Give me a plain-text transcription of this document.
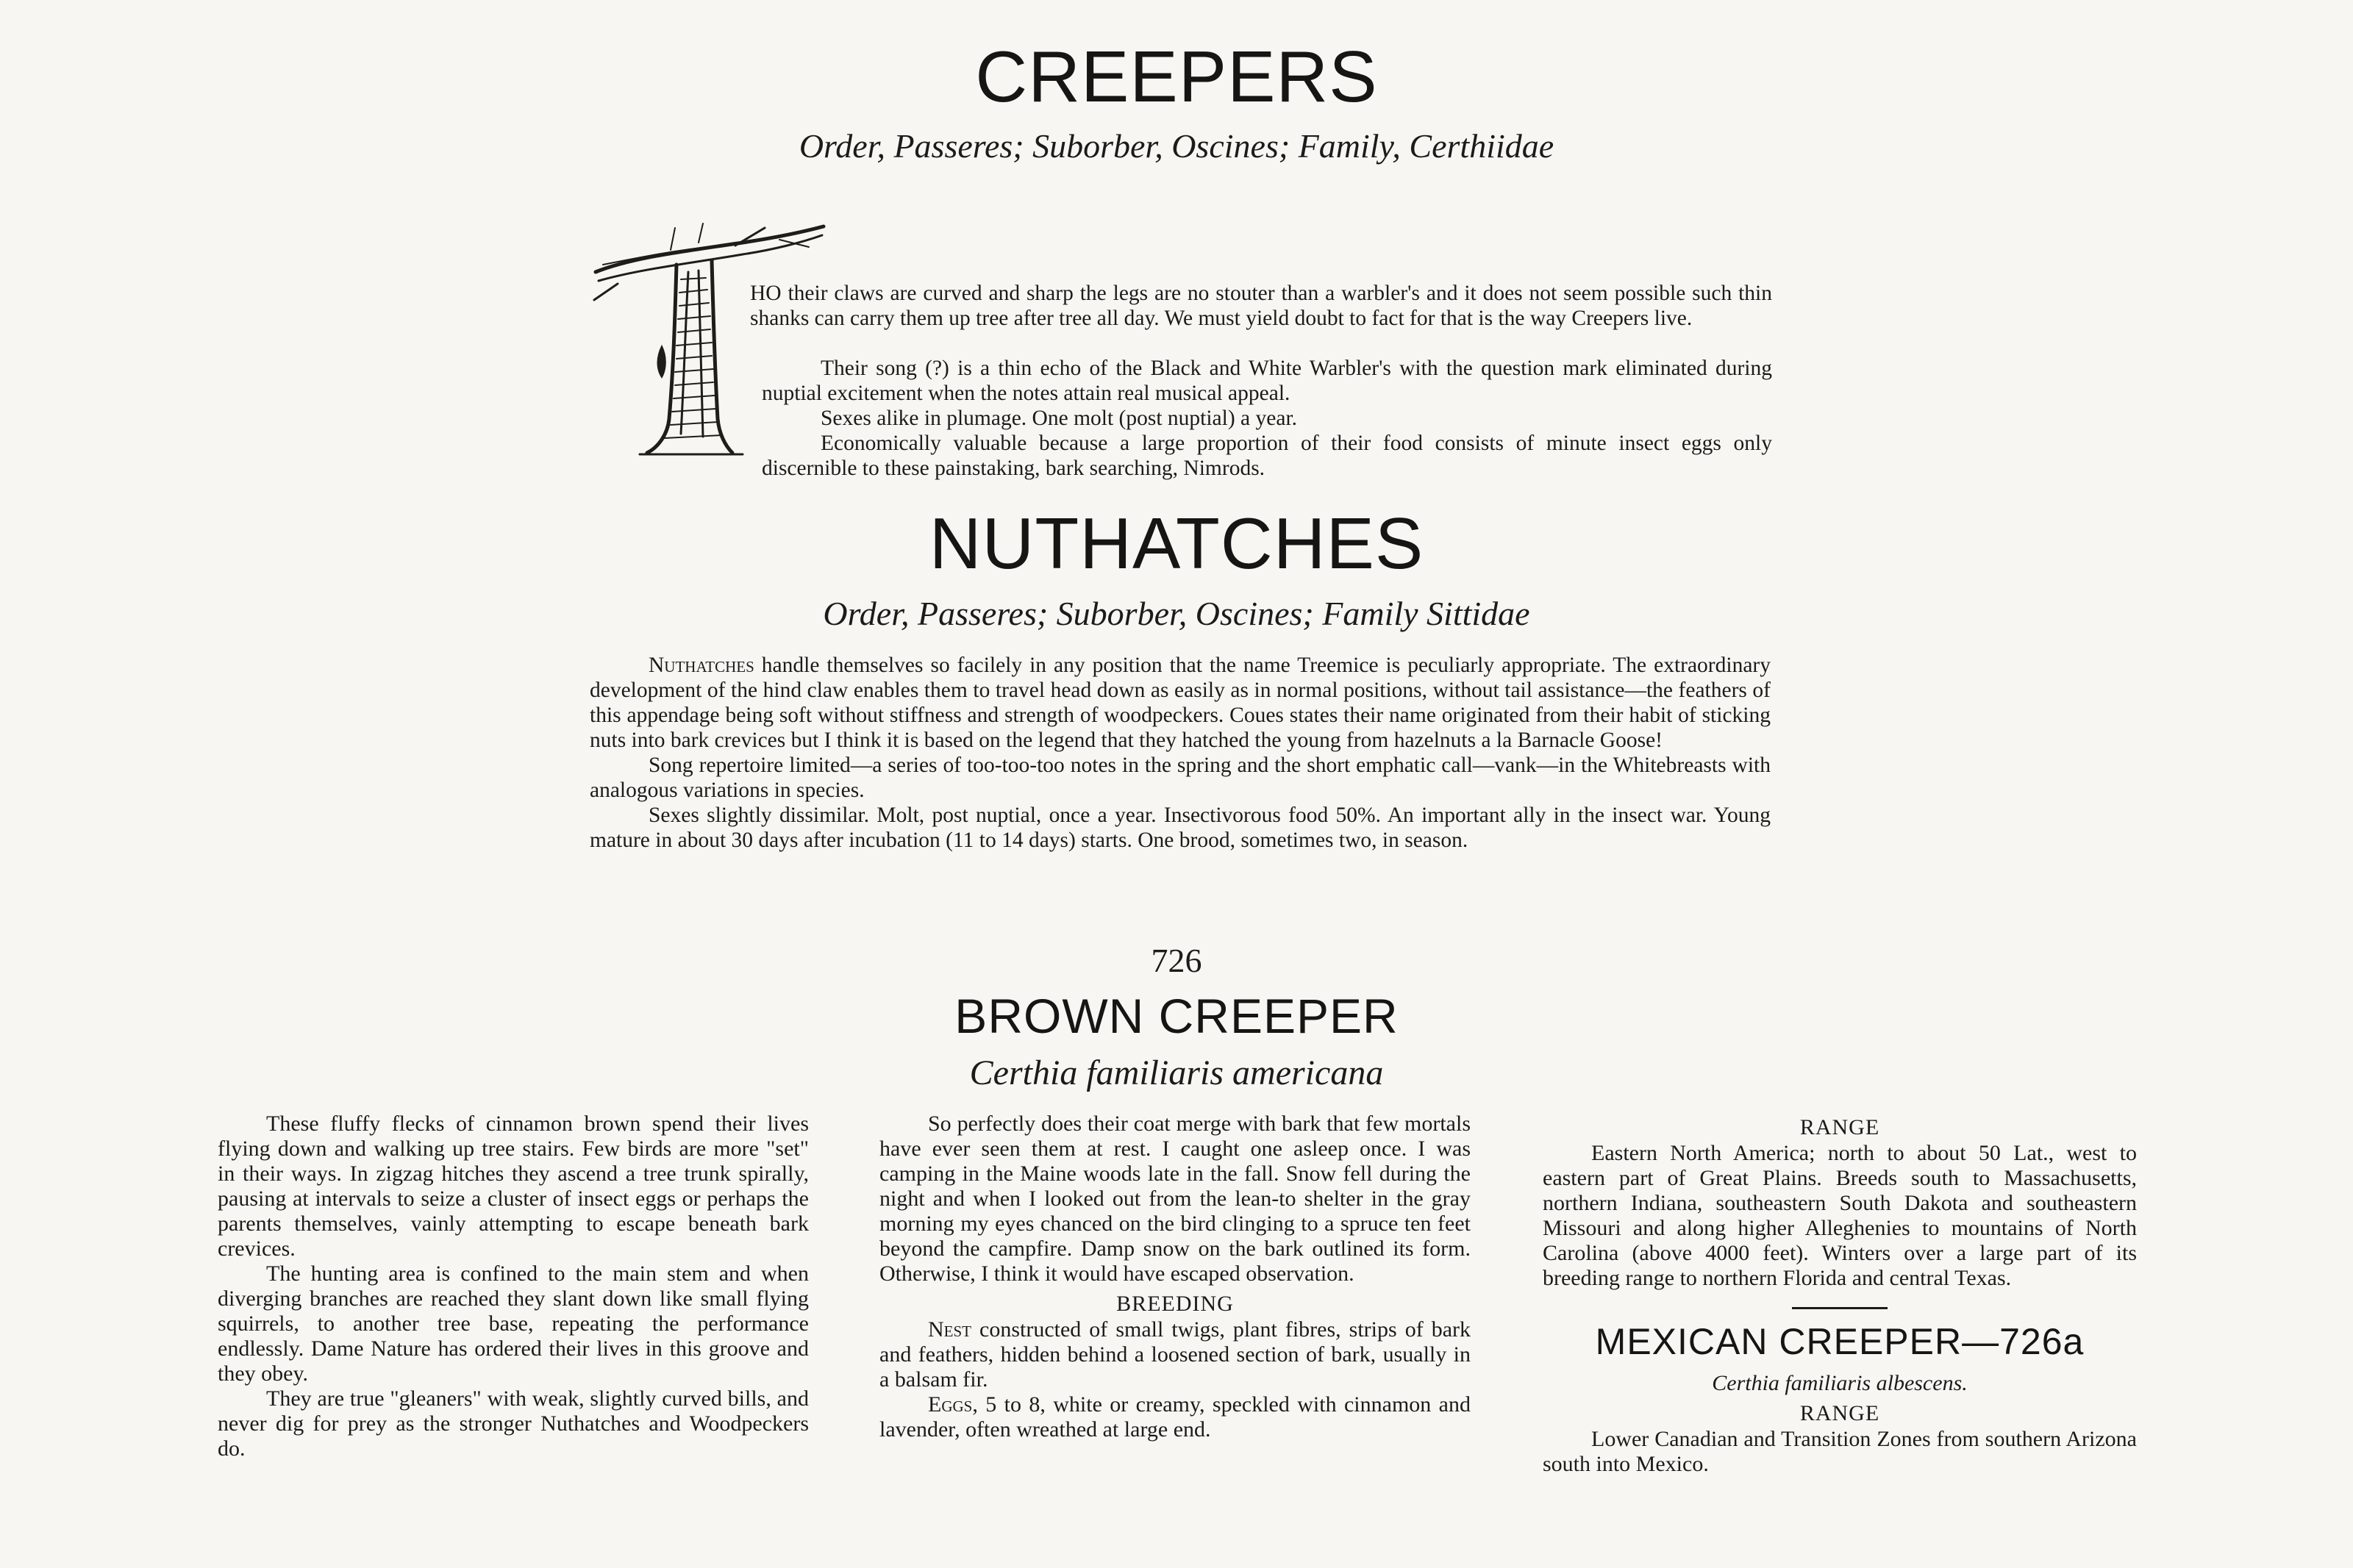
CREEPERS
Order, Passeres; Suborber, Oscines; Family, Certhiidae

HO their claws are curved and sharp the legs are no stouter than a warbler's and it does not seem possible such thin shanks can carry them up tree after tree all day. We must yield doubt to fact for that is the way Creepers live.

Their song (?) is a thin echo of the Black and White Warbler's with the question mark eliminated during nuptial excitement when the notes attain real musical appeal.

Sexes alike in plumage. One molt (post nuptial) a year.

Economically valuable because a large proportion of their food consists of minute insect eggs only discernible to these painstaking, bark searching, Nimrods.

NUTHATCHES
Order, Passeres; Suborber, Oscines; Family Sittidae

Nuthatches handle themselves so facilely in any position that the name Treemice is peculiarly appropriate. The extraordinary development of the hind claw enables them to travel head down as easily as in normal positions, without tail assistance—the feathers of this appendage being soft without stiffness and strength of woodpeckers. Coues states their name originated from their habit of sticking nuts into bark crevices but I think it is based on the legend that they hatched the young from hazelnuts a la Barnacle Goose!

Song repertoire limited—a series of too-too-too notes in the spring and the short emphatic call—vank—in the Whitebreasts with analogous variations in species.

Sexes slightly dissimilar. Molt, post nuptial, once a year. Insectivorous food 50%. An important ally in the insect war. Young mature in about 30 days after incubation (11 to 14 days) starts. One brood, sometimes two, in season.

726
BROWN CREEPER
Certhia familiaris americana

These fluffy flecks of cinnamon brown spend their lives flying down and walking up tree stairs. Few birds are more "set" in their ways. In zigzag hitches they ascend a tree trunk spirally, pausing at intervals to seize a cluster of insect eggs or perhaps the parents themselves, vainly attempting to escape beneath bark crevices.

The hunting area is confined to the main stem and when diverging branches are reached they slant down like small flying squirrels, to another tree base, repeating the performance endlessly. Dame Nature has ordered their lives in this groove and they obey.

They are true "gleaners" with weak, slightly curved bills, and never dig for prey as the stronger Nuthatches and Woodpeckers do.

So perfectly does their coat merge with bark that few mortals have ever seen them at rest. I caught one asleep once. I was camping in the Maine woods late in the fall. Snow fell during the night and when I looked out from the lean-to shelter in the gray morning my eyes chanced on the bird clinging to a spruce ten feet beyond the campfire. Damp snow on the bark outlined its form. Otherwise, I think it would have escaped observation.

BREEDING

Nest constructed of small twigs, plant fibres, strips of bark and feathers, hidden behind a loosened section of bark, usually in a balsam fir.

Eggs, 5 to 8, white or creamy, speckled with cinnamon and lavender, often wreathed at large end.

RANGE

Eastern North America; north to about 50 Lat., west to eastern part of Great Plains. Breeds south to Massachusetts, northern Indiana, southeastern South Dakota and southeastern Missouri and along higher Alleghenies to mountains of North Carolina (above 4000 feet). Winters over a large part of its breeding range to northern Florida and central Texas.

MEXICAN CREEPER—726a
Certhia familiaris albescens.
RANGE

Lower Canadian and Transition Zones from southern Arizona south into Mexico.
